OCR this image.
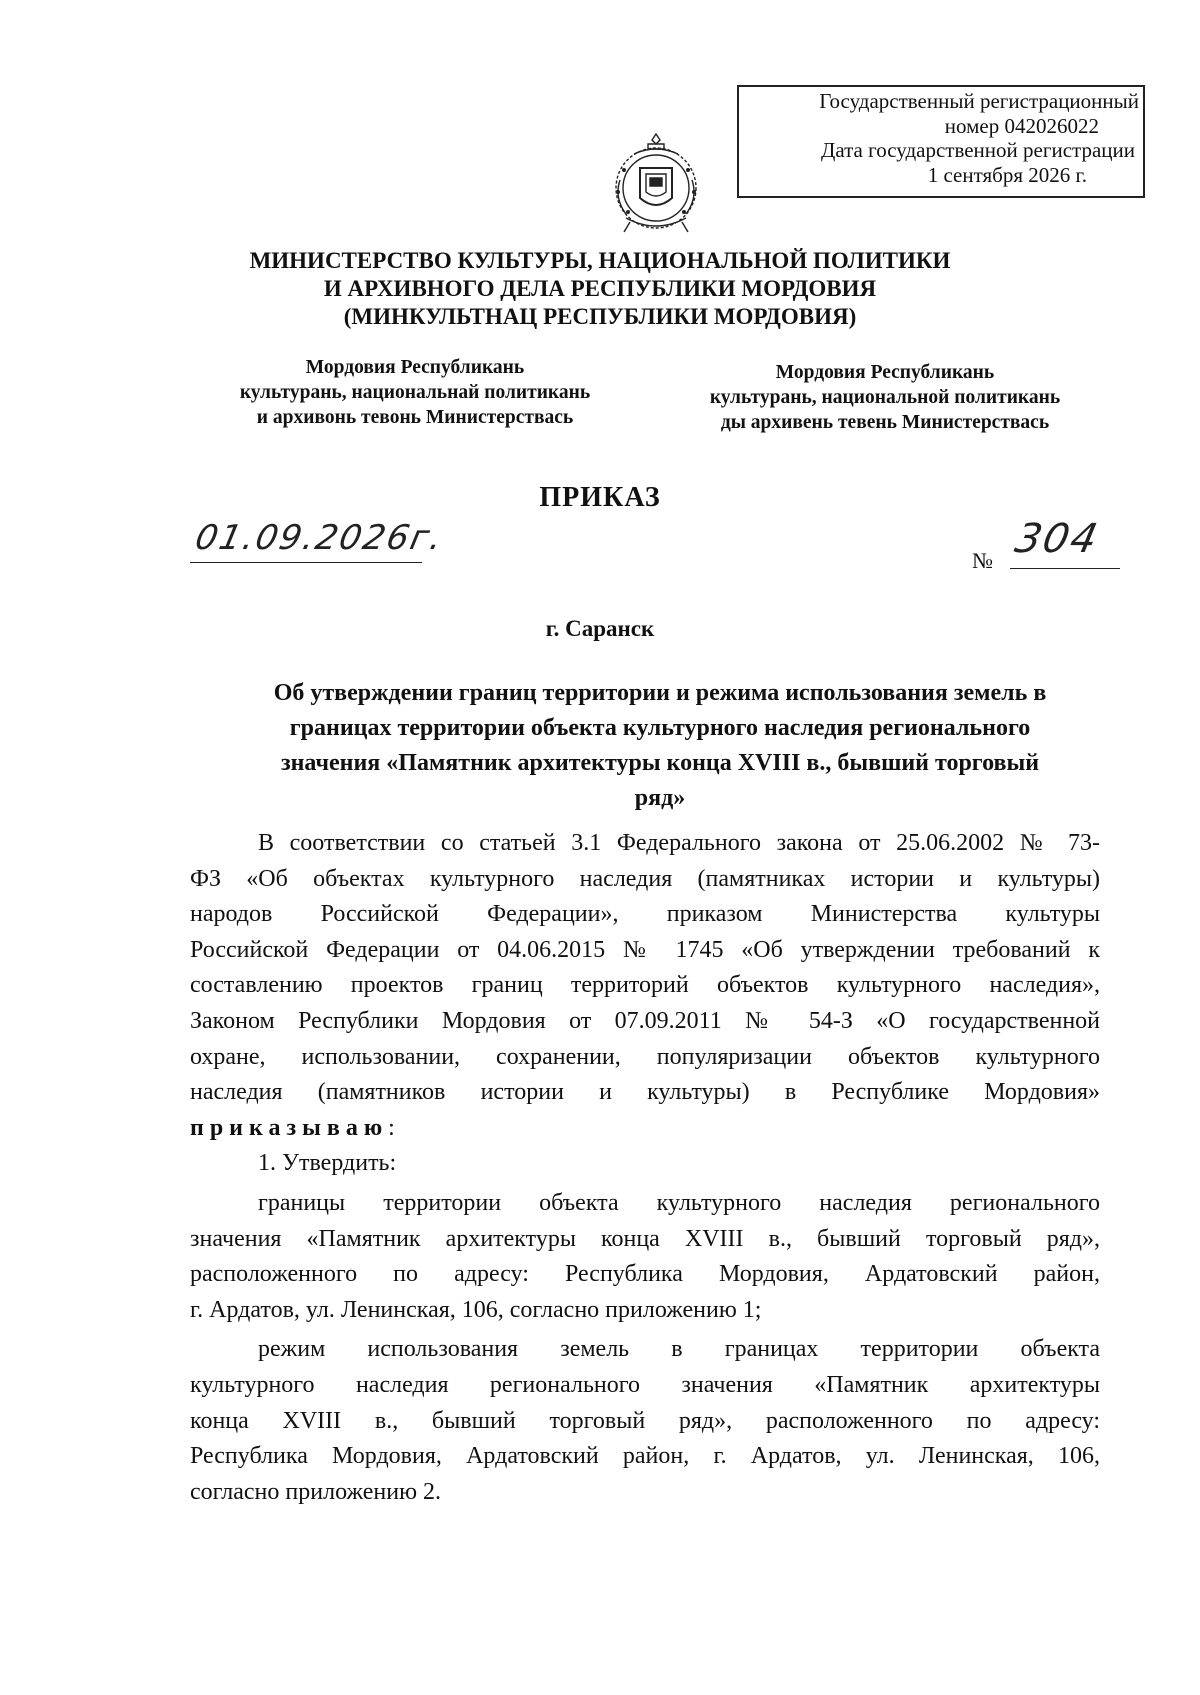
Государственный регистрационный
номер 042026022
Дата государственной регистрации
1 сентября 2026 г.
МИНИСТЕРСТВО КУЛЬТУРЫ, НАЦИОНАЛЬНОЙ ПОЛИТИКИ
И АРХИВНОГО ДЕЛА РЕСПУБЛИКИ МОРДОВИЯ
(МИНКУЛЬТНАЦ РЕСПУБЛИКИ МОРДОВИЯ)
Мордовия Республикань
культурань, национальнай политикань
и архивонь тевонь Министерствась
Мордовия Республикань
культурань, национальной политикань
ды архивень тевень Министерствась
ПРИКАЗ
01.09.2026г.
№ 304
г. Саранск
Об утверждении границ территории и режима использования земель в
границах территории объекта культурного наследия регионального
значения «Памятник архитектуры конца XVIII в., бывший торговый
ряд»
В соответствии со статьей 3.1 Федерального закона от 25.06.2002 № 73-
ФЗ «Об объектах культурного наследия (памятниках истории и культуры)
народов Российской Федерации», приказом Министерства культуры
Российской Федерации от 04.06.2015 № 1745 «Об утверждении требований к
составлению проектов границ территорий объектов культурного наследия»,
Законом Республики Мордовия от 07.09.2011 № 54-З «О государственной
охране, использовании, сохранении, популяризации объектов культурного
наследия (памятников истории и культуры) в Республике Мордовия»
приказываю:
1. Утвердить:
границы территории объекта культурного наследия регионального
значения «Памятник архитектуры конца XVIII в., бывший торговый ряд»,
расположенного по адресу: Республика Мордовия, Ардатовский район,
г. Ардатов, ул. Ленинская, 106, согласно приложению 1;
режим использования земель в границах территории объекта
культурного наследия регионального значения «Памятник архитектуры
конца XVIII в., бывший торговый ряд», расположенного по адресу:
Республика Мордовия, Ардатовский район, г. Ардатов, ул. Ленинская, 106,
согласно приложению 2.
